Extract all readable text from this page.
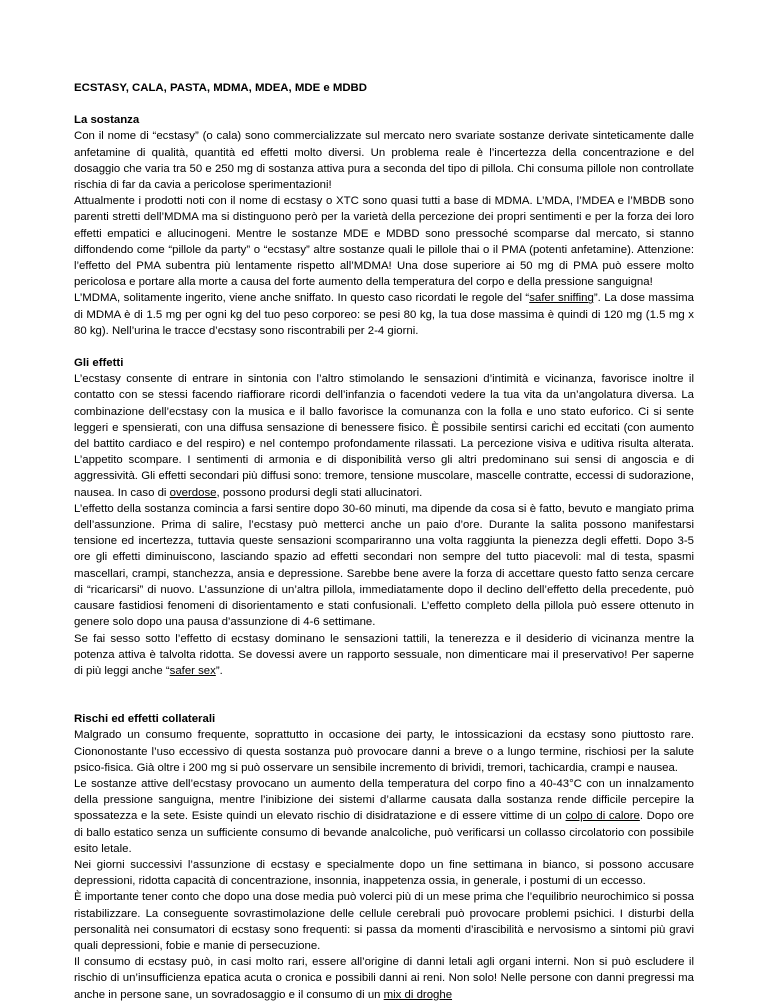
ECSTASY, CALA, PASTA, MDMA, MDEA, MDE e MDBD

La sostanza

Con il nome di “ecstasy” (o cala) sono commercializzate sul mercato nero svariate sostanze derivate sinteticamente dalle anfetamine di qualità, quantità ed effetti molto diversi. Un problema reale è l’incertezza della concentrazione e del dosaggio che varia tra 50 e 250 mg di sostanza attiva pura a seconda del tipo di pillola. Chi consuma pillole non controllate rischia di far da cavia a pericolose sperimentazioni!

Attualmente i prodotti noti con il nome di ecstasy o XTC sono quasi tutti a base di MDMA. L’MDA, l’MDEA e l’MBDB sono parenti stretti dell’MDMA ma si distinguono però per la varietà della percezione dei propri sentimenti e per la forza dei loro effetti empatici e allucinogeni. Mentre le sostanze MDE e MDBD sono pressoché scomparse dal mercato, si stanno diffondendo come “pillole da party” o “ecstasy” altre sostanze quali le pillole thai o il PMA (potenti anfetamine). Attenzione: l’effetto del PMA subentra più lentamente rispetto all’MDMA! Una dose superiore ai 50 mg di PMA può essere molto pericolosa e portare alla morte a causa del forte aumento della temperatura del corpo e della pressione sanguigna!

L’MDMA, solitamente ingerito, viene anche sniffato. In questo caso ricordati le regole del “safer sniffing”. La dose massima di MDMA è di 1.5 mg per ogni kg del tuo peso corporeo: se pesi 80 kg, la tua dose massima è quindi di 120 mg (1.5 mg x 80 kg). Nell’urina le tracce d’ecstasy sono riscontrabili per 2-4 giorni.

Gli effetti

L’ecstasy consente di entrare in sintonia con l’altro stimolando le sensazioni d’intimità e vicinanza, favorisce inoltre il contatto con se stessi facendo riaffiorare ricordi dell’infanzia o facendoti vedere la tua vita da un’angolatura diversa. La combinazione dell’ecstasy con la musica e il ballo favorisce la comunanza con la folla e uno stato euforico. Ci si sente leggeri e spensierati, con una diffusa sensazione di benessere fisico. È possibile sentirsi carichi ed eccitati (con aumento del battito cardiaco e del respiro) e nel contempo profondamente rilassati. La percezione visiva e uditiva risulta alterata. L’appetito scompare. I sentimenti di armonia e di disponibilità verso gli altri predominano sui sensi di angoscia e di aggressività. Gli effetti secondari più diffusi sono: tremore, tensione muscolare, mascelle contratte, eccessi di sudorazione, nausea. In caso di overdose, possono prodursi degli stati allucinatori.

L’effetto della sostanza comincia a farsi sentire dopo 30-60 minuti, ma dipende da cosa si è fatto, bevuto e mangiato prima dell’assunzione. Prima di salire, l’ecstasy può metterci anche un paio d’ore. Durante la salita possono manifestarsi tensione ed incertezza, tuttavia queste sensazioni scompariranno una volta raggiunta la pienezza degli effetti. Dopo 3-5 ore gli effetti diminuiscono, lasciando spazio ad effetti secondari non sempre del tutto piacevoli: mal di testa, spasmi mascellari, crampi, stanchezza, ansia e depressione. Sarebbe bene avere la forza di accettare questo fatto senza cercare di “ricaricarsi” di nuovo. L’assunzione di un’altra pillola, immediatamente dopo il declino dell’effetto della precedente, può causare fastidiosi fenomeni di disorientamento e stati confusionali. L’effetto completo della pillola può essere ottenuto in genere solo dopo una pausa d’assunzione di 4-6 settimane.

Se fai sesso sotto l’effetto di ecstasy dominano le sensazioni tattili, la tenerezza e il desiderio di vicinanza mentre la potenza attiva è talvolta ridotta. Se dovessi avere un rapporto sessuale, non dimenticare mai il preservativo! Per saperne di più leggi anche “safer sex”.

Rischi ed effetti collaterali

Malgrado un consumo frequente, soprattutto in occasione dei party, le intossicazioni da ecstasy sono piuttosto rare. Ciononostante l’uso eccessivo di questa sostanza può provocare danni a breve o a lungo termine, rischiosi per la salute psico-fisica. Già oltre i 200 mg si può osservare un sensibile incremento di brividi, tremori, tachicardia, crampi e nausea.

Le sostanze attive dell’ecstasy provocano un aumento della temperatura del corpo fino a 40-43°C con un innalzamento della pressione sanguigna, mentre l’inibizione dei sistemi d’allarme causata dalla sostanza rende difficile percepire la spossatezza e la sete. Esiste quindi un elevato rischio di disidratazione e di essere vittime di un colpo di calore. Dopo ore di ballo estatico senza un sufficiente consumo di bevande analcoliche, può verificarsi un collasso circolatorio con possibile esito letale.

Nei giorni successivi l’assunzione di ecstasy e specialmente dopo un fine settimana in bianco, si possono accusare depressioni, ridotta capacità di concentrazione, insonnia, inappetenza ossia, in generale, i postumi di un eccesso.

È importante tener conto che dopo una dose media può volerci più di un mese prima che l’equilibrio neurochimico si possa ristabilizzare. La conseguente sovrastimolazione delle cellule cerebrali può provocare problemi psichici. I disturbi della personalità nei consumatori di ecstasy sono frequenti: si passa da momenti d’irascibilità e nervosismo a sintomi più gravi quali depressioni, fobie e manie di persecuzione.

Il consumo di ecstasy può, in casi molto rari, essere all’origine di danni letali agli organi interni. Non si può escludere il rischio di un’insufficienza epatica acuta o cronica e possibili danni ai reni. Non solo! Nelle persone con danni pregressi ma anche in persone sane, un sovradosaggio e il consumo di un mix di droghe
